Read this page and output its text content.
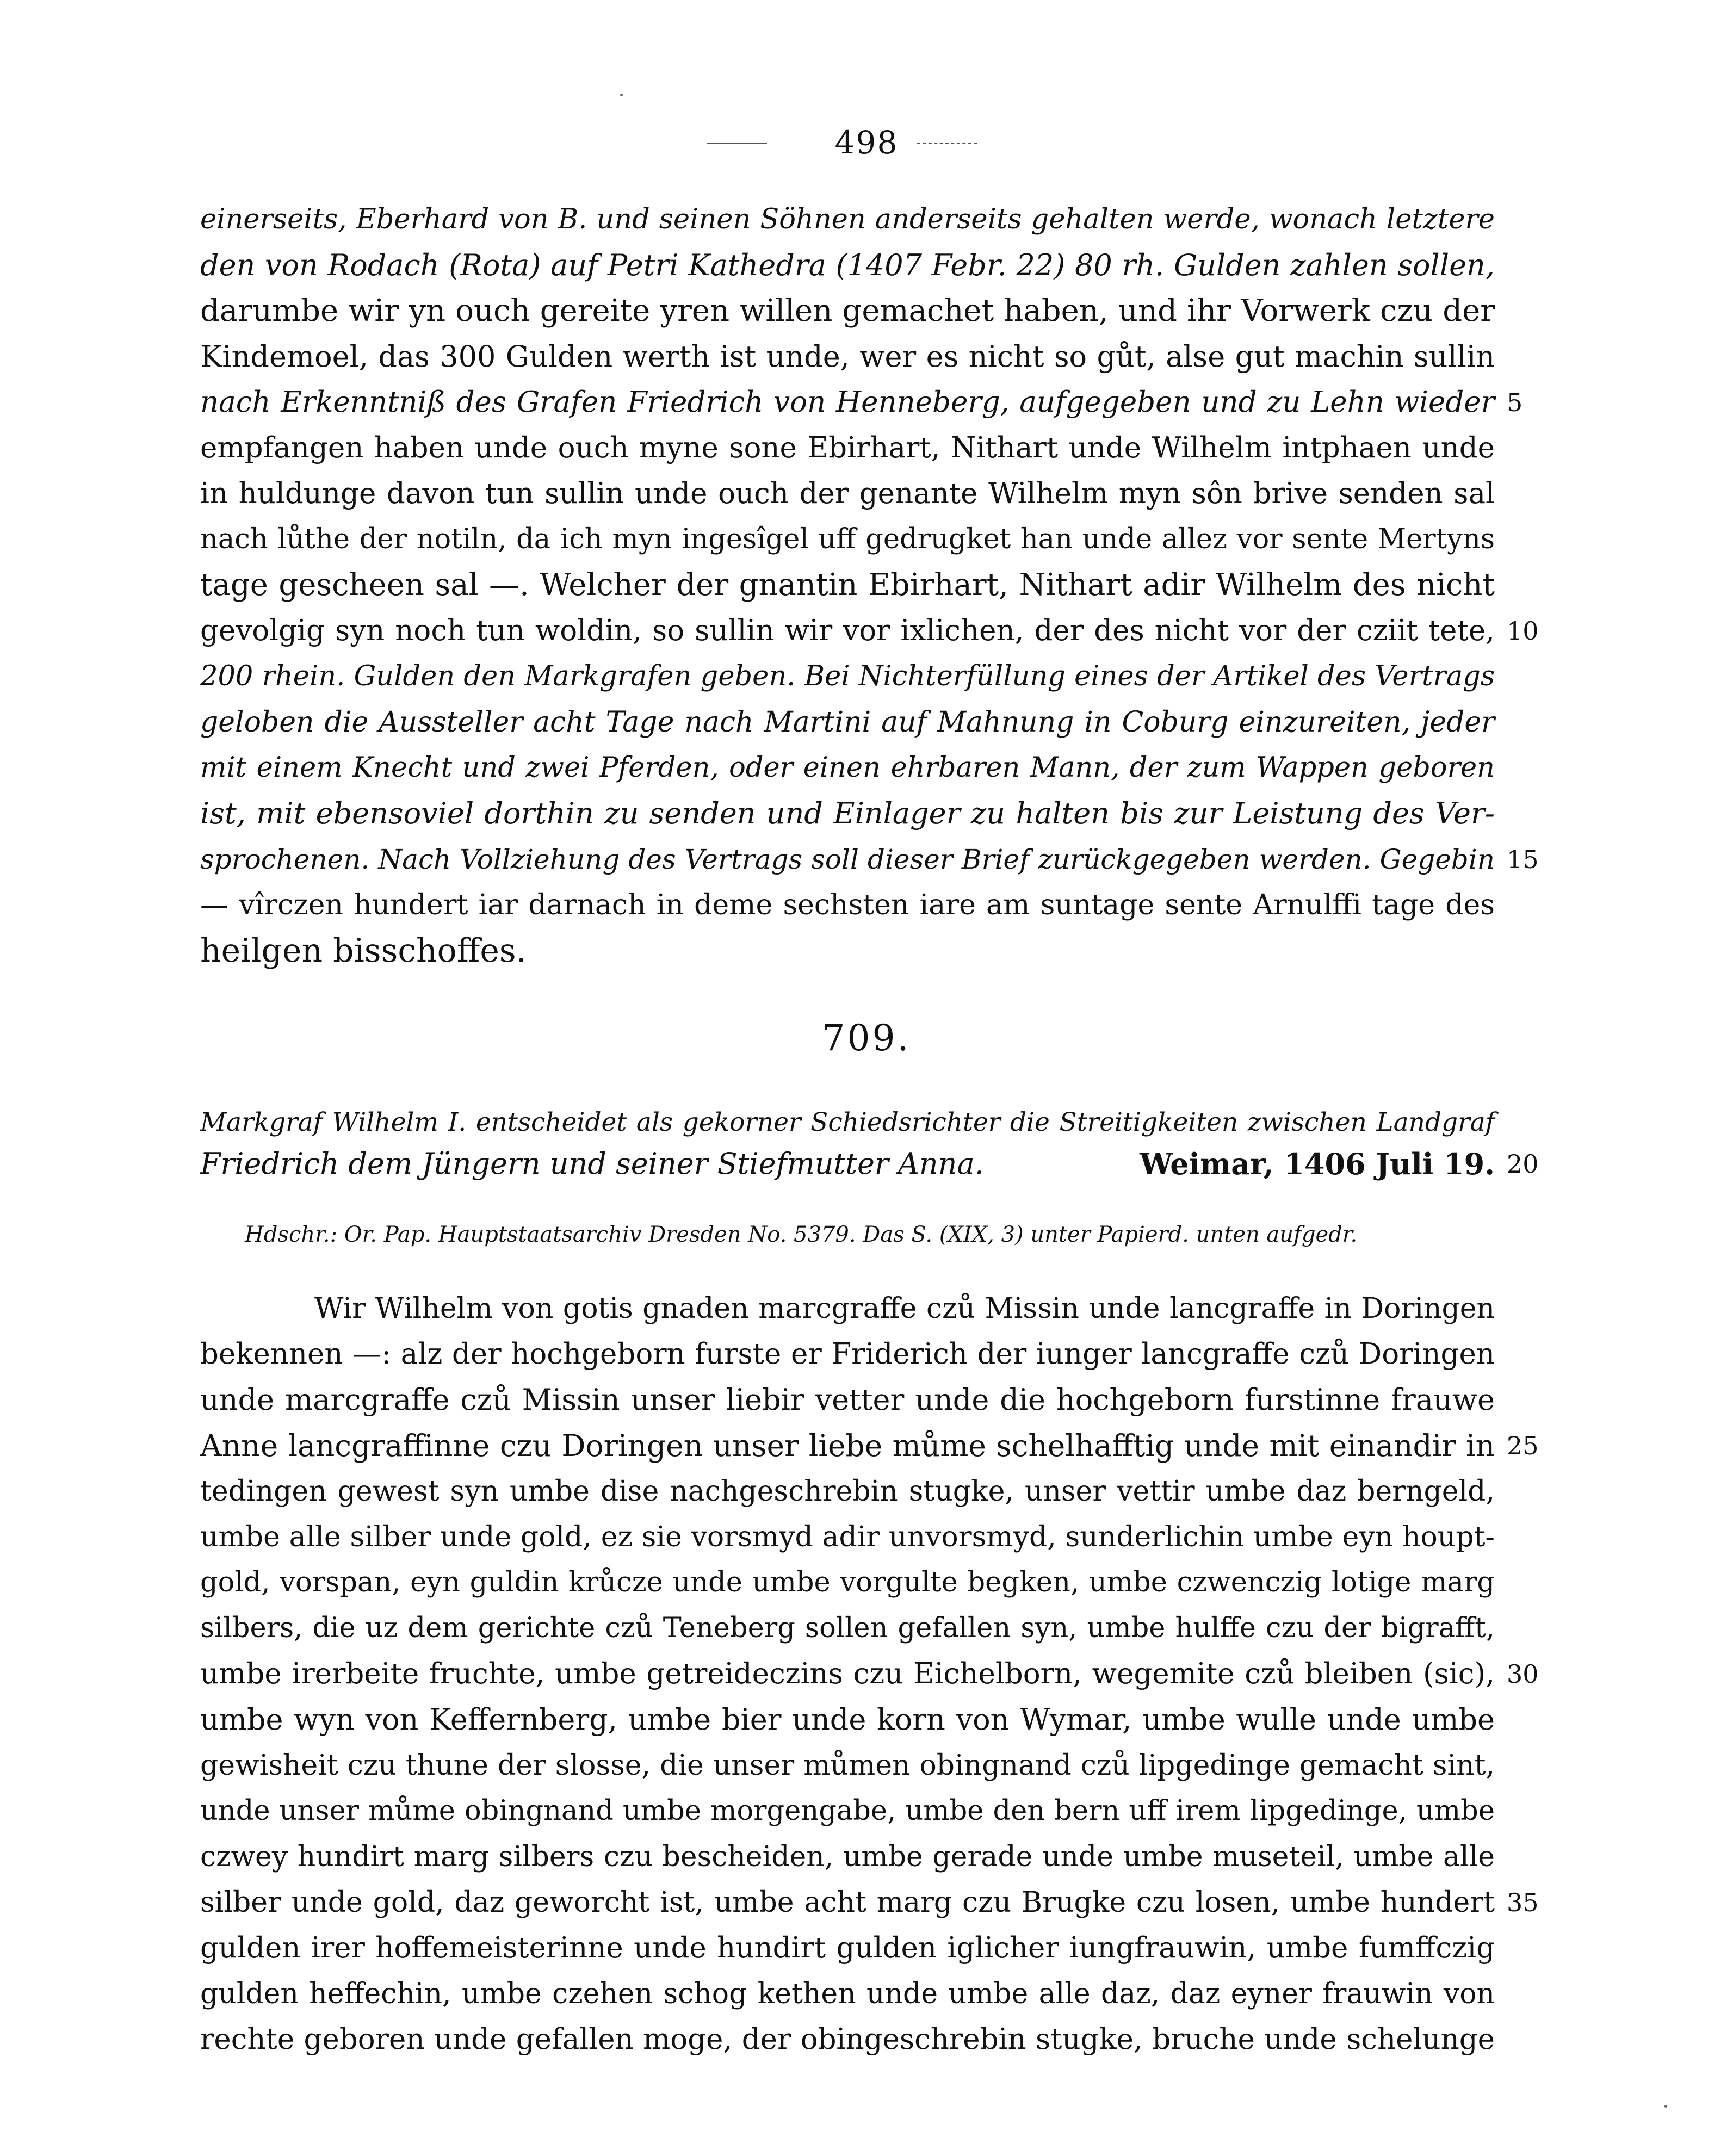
498
einerseits, Eberhard von B. und seinen Söhnen anderseits gehalten werde, wonach letztere
den von Rodach (Rota) auf Petri Kathedra (1407 Febr. 22) 80 rh. Gulden zahlen sollen,
darumbe wir yn ouch gereite yren willen gemachet haben, und ihr Vorwerk czu der
Kindemoel, das 300 Gulden werth ist unde, wer es nicht so gůt, alse gut machin sullin
nach Erkenntniß des Grafen Friedrich von Henneberg, aufgegeben und zu Lehn wieder
empfangen haben unde ouch myne sone Ebirhart, Nithart unde Wilhelm intphaen unde
in huldunge davon tun sullin unde ouch der genante Wilhelm myn sôn brive senden sal
nach lůthe der notiln, da ich myn ingesîgel uff gedrugket han unde allez vor sente Mertyns
tage gescheen sal —. Welcher der gnantin Ebirhart, Nithart adir Wilhelm des nicht
gevolgig syn noch tun woldin, so sullin wir vor ixlichen, der des nicht vor der cziit tete,
200 rhein. Gulden den Markgrafen geben. Bei Nichterfüllung eines der Artikel des Vertrags
geloben die Aussteller acht Tage nach Martini auf Mahnung in Coburg einzureiten, jeder
mit einem Knecht und zwei Pferden, oder einen ehrbaren Mann, der zum Wappen geboren
ist, mit ebensoviel dorthin zu senden und Einlager zu halten bis zur Leistung des Ver-
sprochenen. Nach Vollziehung des Vertrags soll dieser Brief zurückgegeben werden. Gegebin
— vîrczen hundert iar darnach in deme sechsten iare am suntage sente Arnulffi tage des
heilgen bisschoffes.
5
10
15
709.
Markgraf Wilhelm I. entscheidet als gekorner Schiedsrichter die Streitigkeiten zwischen Landgraf
Friedrich dem Jüngern und seiner Stiefmutter Anna.	Weimar, 1406 Juli 19. 20
Hdschr.: Or. Pap. Hauptstaatsarchiv Dresden No. 5379. Das S. (XIX, 3) unter Papierd. unten aufgedr.
Wir Wilhelm von gotis gnaden marcgraffe czů Missin unde lancgraffe in Doringen
bekennen —: alz der hochgeborn furste er Friderich der iunger lancgraffe czů Doringen
unde marcgraffe czů Missin unser liebir vetter unde die hochgeborn furstinne frauwe
Anne lancgraffinne czu Doringen unser liebe můme schelhafftig unde mit einandir in
tedingen gewest syn umbe dise nachgeschrebin stugke, unser vettir umbe daz berngeld,
umbe alle silber unde gold, ez sie vorsmyd adir unvorsmyd, sunderlichin umbe eyn houpt-
gold, vorspan, eyn guldin krůcze unde umbe vorgulte begken, umbe czwenczig lotige marg
silbers, die uz dem gerichte czů Teneberg sollen gefallen syn, umbe hulffe czu der bigrafft,
umbe irerbeite fruchte, umbe getreideczins czu Eichelborn, wegemite czů bleiben (sic),
umbe wyn von Keffernberg, umbe bier unde korn von Wymar, umbe wulle unde umbe
gewisheit czu thune der slosse, die unser můmen obingnand czů lipgedinge gemacht sint,
unde unser můme obingnand umbe morgengabe, umbe den bern uff irem lipgedinge, umbe
czwey hundirt marg silbers czu bescheiden, umbe gerade unde umbe museteil, umbe alle
silber unde gold, daz geworcht ist, umbe acht marg czu Brugke czu losen, umbe hundert
gulden irer hoffemeisterinne unde hundirt gulden iglicher iungfrauwin, umbe fumffczig
gulden heffechin, umbe czehen schog kethen unde umbe alle daz, daz eyner frauwin von
rechte geboren unde gefallen moge, der obingeschrebin stugke, bruche unde schelunge
25
30
35
